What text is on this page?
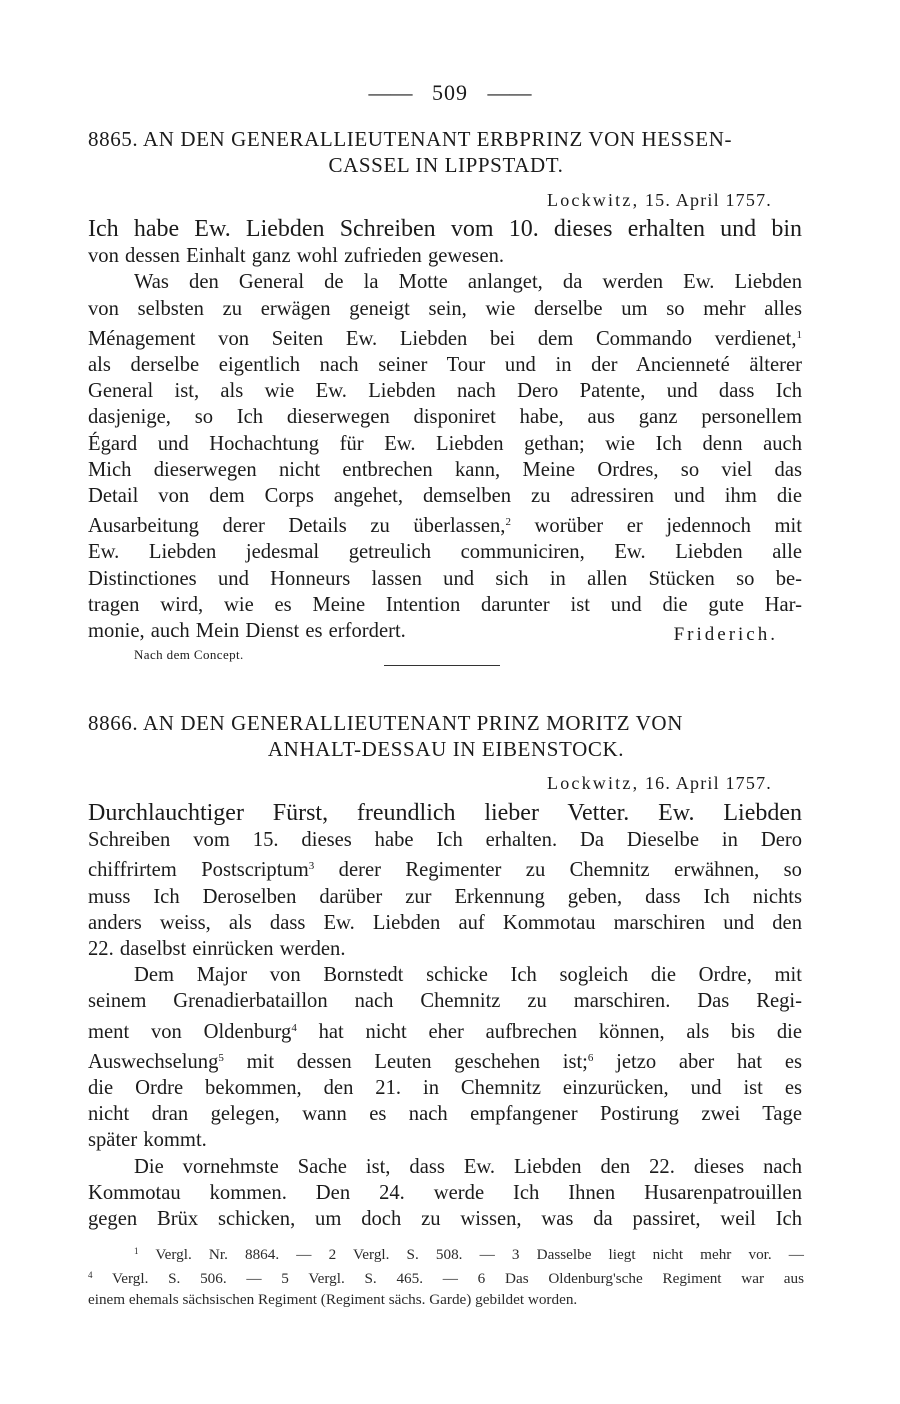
—— 509 ——
8865. AN DEN GENERALLIEUTENANT ERBPRINZ VON HESSEN-
CASSEL IN LIPPSTADT.
Lockwitz, 15. April 1757.
Ich habe Ew. Liebden Schreiben vom 10. dieses erhalten und bin
von dessen Einhalt ganz wohl zufrieden gewesen.
Was den General de la Motte anlanget, da werden Ew. Liebden
von selbsten zu erwägen geneigt sein, wie derselbe um so mehr alles
Ménagement von Seiten Ew. Liebden bei dem Commando verdienet,$^1$
als derselbe eigentlich nach seiner Tour und in der Ancienneté älterer
General ist, als wie Ew. Liebden nach Dero Patente, und dass Ich
dasjenige, so Ich dieserwegen disponiret habe, aus ganz personellem
Égard und Hochachtung für Ew. Liebden gethan; wie Ich denn auch
Mich dieserwegen nicht entbrechen kann, Meine Ordres, so viel das
Detail von dem Corps angehet, demselben zu adressiren und ihm die
Ausarbeitung derer Details zu überlassen,$^2$ worüber er jedennoch mit
Ew. Liebden jedesmal getreulich communiciren, Ew. Liebden alle
Distinctiones und Honneurs lassen und sich in allen Stücken so be-
tragen wird, wie es Meine Intention darunter ist und die gute Har-
monie, auch Mein Dienst es erfordert.	Friderich.
Nach dem Concept.
8866. AN DEN GENERALLIEUTENANT PRINZ MORITZ VON
ANHALT-DESSAU IN EIBENSTOCK.
Lockwitz, 16. April 1757.
Durchlauchtiger Fürst, freundlich lieber Vetter. Ew. Liebden
Schreiben vom 15. dieses habe Ich erhalten. Da Dieselbe in Dero
chiffrirtem Postscriptum$^3$ derer Regimenter zu Chemnitz erwähnen, so
muss Ich Deroselben darüber zur Erkennung geben, dass Ich nichts
anders weiss, als dass Ew. Liebden auf Kommotau marschiren und den
22. daselbst einrücken werden.
Dem Major von Bornstedt schicke Ich sogleich die Ordre, mit
seinem Grenadierbataillon nach Chemnitz zu marschiren. Das Regi-
ment von Oldenburg$^4$ hat nicht eher aufbrechen können, als bis die
Auswechselung$^5$ mit dessen Leuten geschehen ist;$^6$ jetzo aber hat es
die Ordre bekommen, den 21. in Chemnitz einzurücken, und ist es
nicht dran gelegen, wann es nach empfangener Postirung zwei Tage
später kommt.
Die vornehmste Sache ist, dass Ew. Liebden den 22. dieses nach
Kommotau kommen. Den 24. werde Ich Ihnen Husarenpatrouillen
gegen Brüx schicken, um doch zu wissen, was da passiret, weil Ich
$^1$ Vergl. Nr. 8864. — 2 Vergl. S. 508. — 3 Dasselbe liegt nicht mehr vor. —
$^4$ Vergl. S. 506. — 5 Vergl. S. 465. — 6 Das Oldenburg'sche Regiment war aus
einem ehemals sächsischen Regiment (Regiment sächs. Garde) gebildet worden.
